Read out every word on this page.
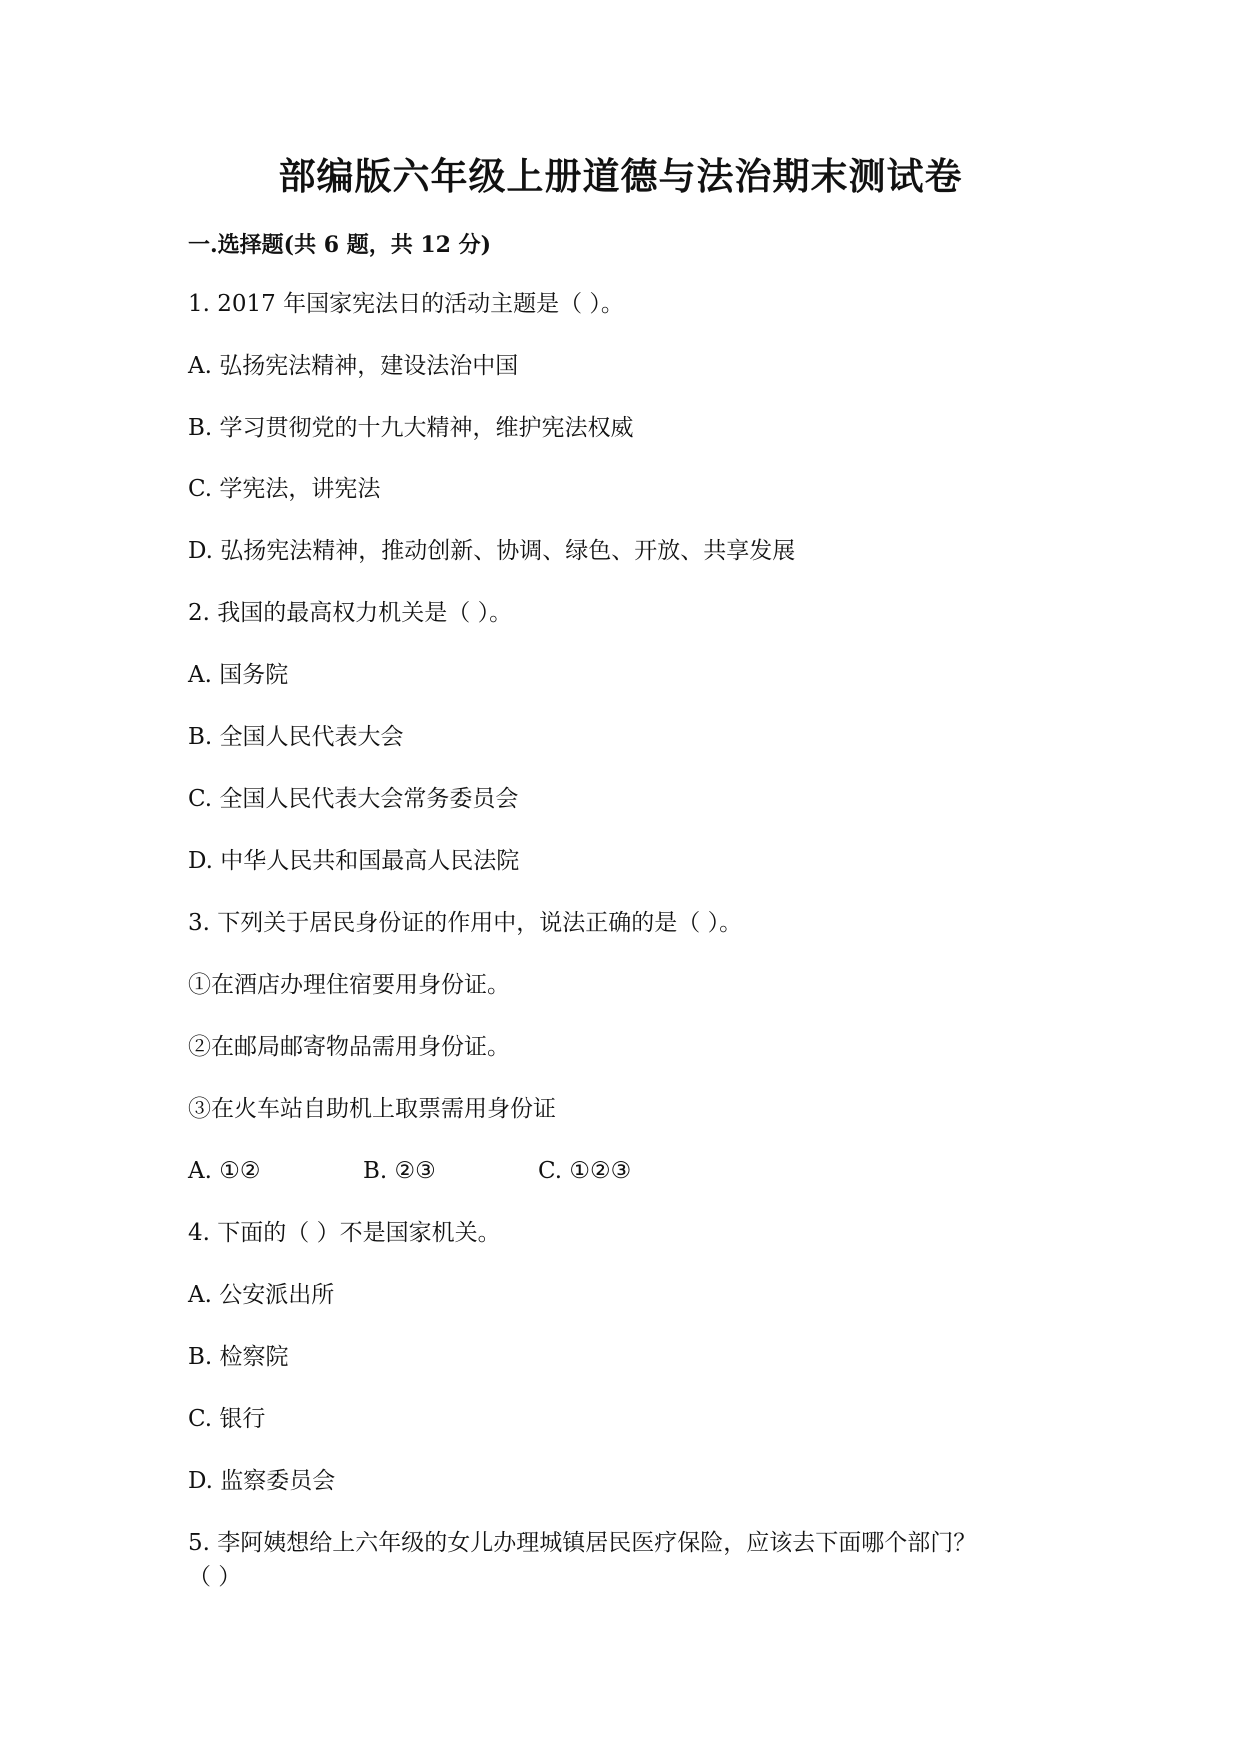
部编版六年级上册道德与法治期末测试卷
一.选择题(共 6 题，共 12 分)
1. 2017 年国家宪法日的活动主题是（ ）。
A. 弘扬宪法精神，建设法治中国
B. 学习贯彻党的十九大精神，维护宪法权威
C. 学宪法，讲宪法
D. 弘扬宪法精神，推动创新、协调、绿色、开放、共享发展
2. 我国的最高权力机关是（ ）。
A. 国务院
B. 全国人民代表大会
C. 全国人民代表大会常务委员会
D. 中华人民共和国最高人民法院
3. 下列关于居民身份证的作用中，说法正确的是（ ）。
①在酒店办理住宿要用身份证。
②在邮局邮寄物品需用身份证。
③在火车站自助机上取票需用身份证
A. ①②	B. ②③	C. ①②③
4. 下面的（ ）不是国家机关。
A. 公安派出所
B. 检察院
C. 银行
D. 监察委员会
5. 李阿姨想给上六年级的女儿办理城镇居民医疗保险，应该去下面哪个部门？
（ ）
